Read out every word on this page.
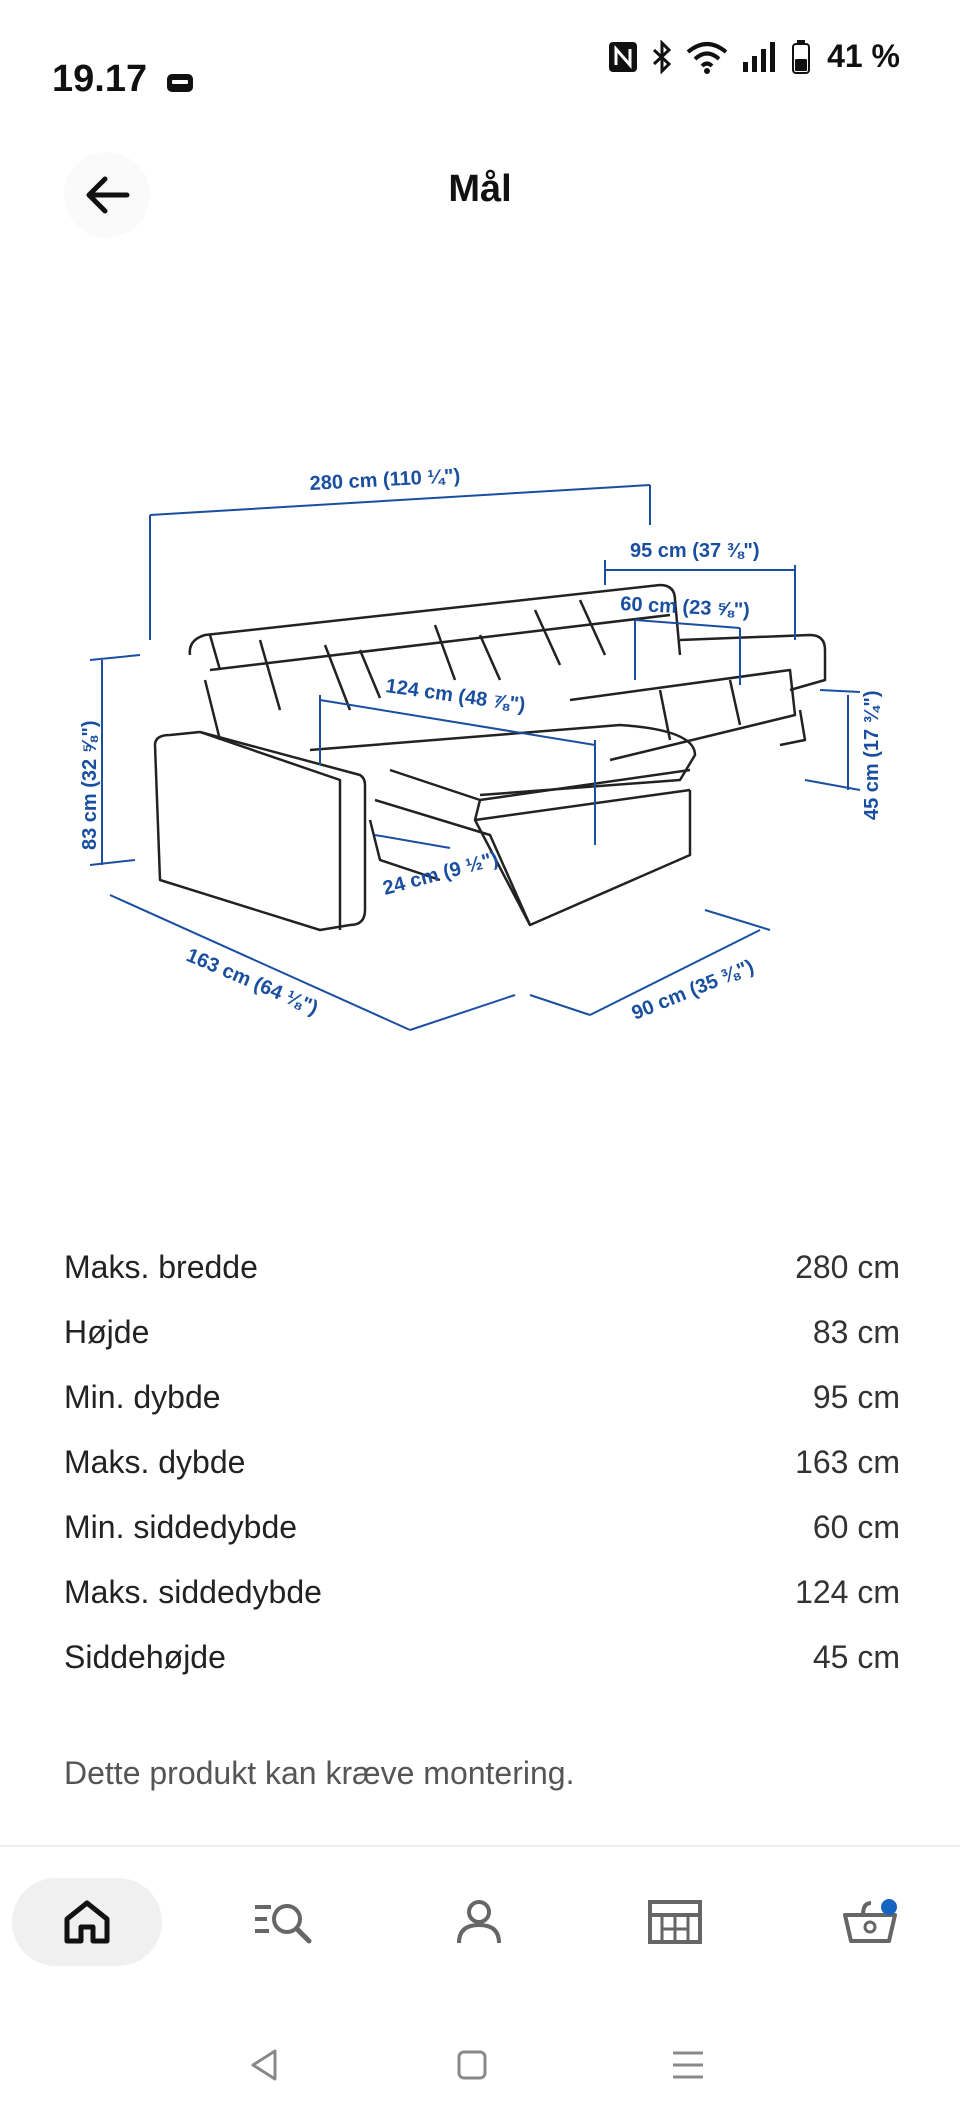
19.17
41 %
Mål
280 cm (110 ¼")
95 cm (37 ⅜")
60 cm (23 ⅝")
124 cm (48 ⅞")
83 cm (32 ⅝")	45 cm (17 ¾")
24 cm (9 ½")
163 cm (64 ⅛")	90 cm (35 ⅜")
Maks. bredde	280 cm
Højde	83 cm
Min. dybde	95 cm
Maks. dybde	163 cm
Min. siddedybde	60 cm
Maks. siddedybde	124 cm
Siddehøjde	45 cm
Dette produkt kan kræve montering.
